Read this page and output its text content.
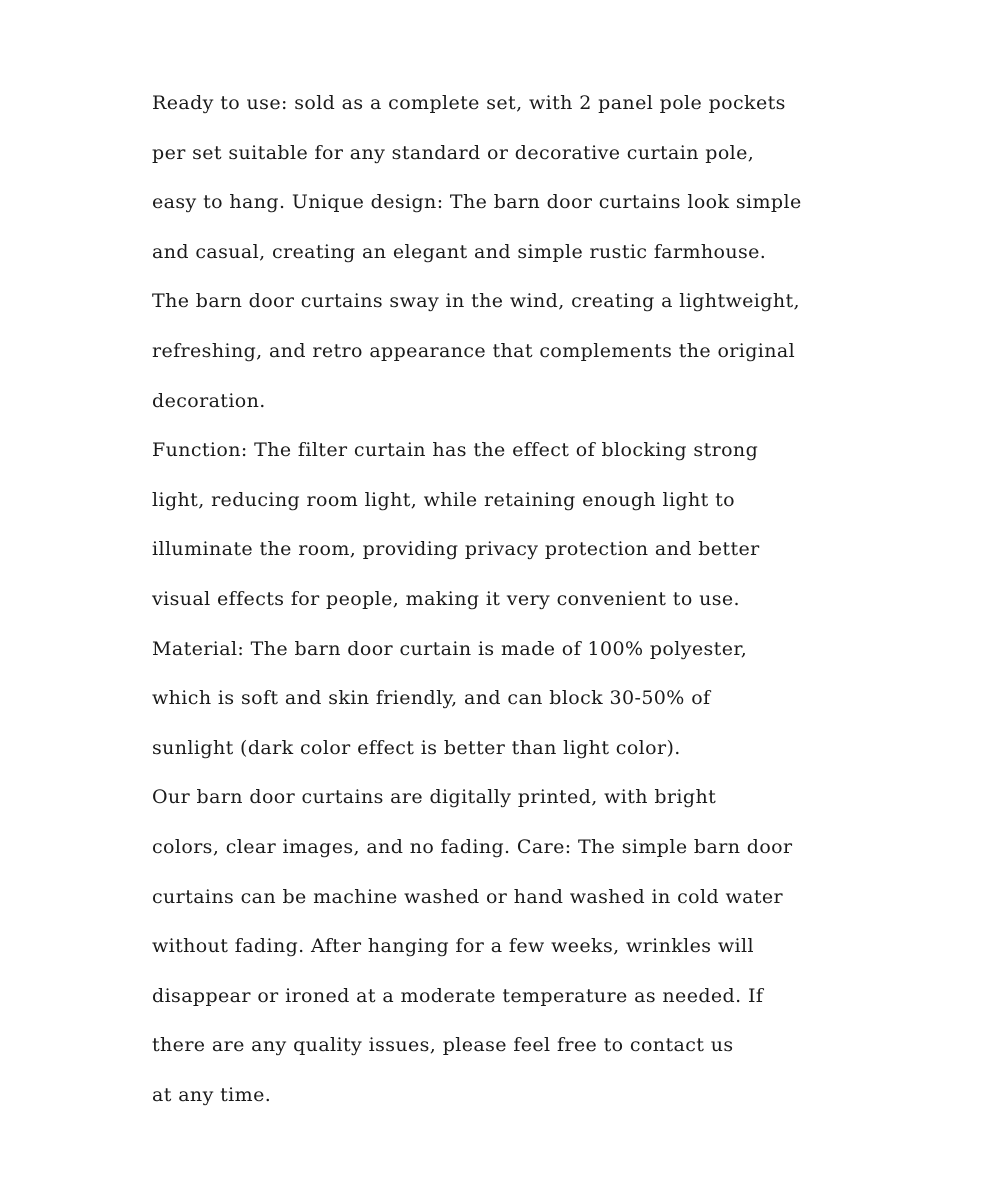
Ready to use: sold as a complete set, with 2 panel pole pockets
per set suitable for any standard or decorative curtain pole,
easy to hang. Unique design: The barn door curtains look simple
and casual, creating an elegant and simple rustic farmhouse.
The barn door curtains sway in the wind, creating a lightweight,
refreshing, and retro appearance that complements the original
decoration.
Function: The filter curtain has the effect of blocking strong
light, reducing room light, while retaining enough light to
illuminate the room, providing privacy protection and better
visual effects for people, making it very convenient to use.
Material: The barn door curtain is made of 100% polyester,
which is soft and skin friendly, and can block 30-50% of
sunlight (dark color effect is better than light color).
Our barn door curtains are digitally printed, with bright
colors, clear images, and no fading. Care: The simple barn door
curtains can be machine washed or hand washed in cold water
without fading. After hanging for a few weeks, wrinkles will
disappear or ironed at a moderate temperature as needed. If
there are any quality issues, please feel free to contact us
at any time.
